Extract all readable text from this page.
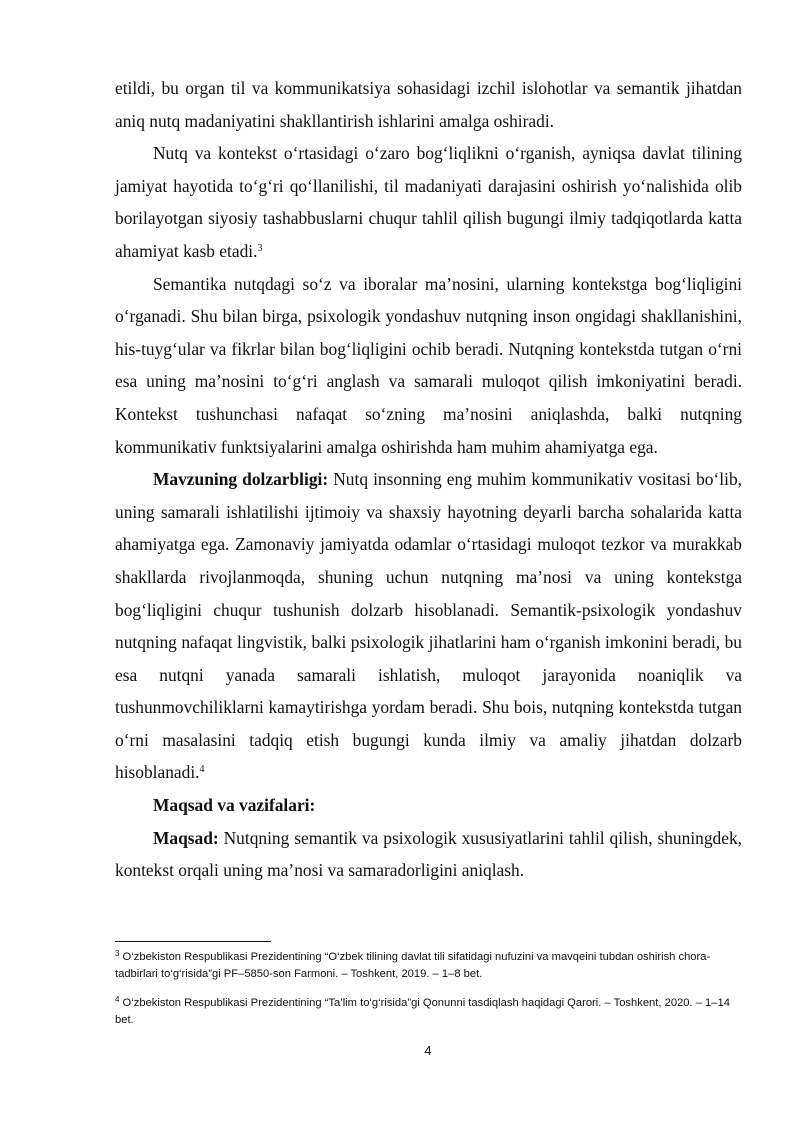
etildi, bu organ til va kommunikatsiya sohasidagi izchil islohotlar va semantik jihatdan aniq nutq madaniyatini shakllantirish ishlarini amalga oshiradi.

Nutq va kontekst o‘rtasidagi o‘zaro bog‘liqlikni o‘rganish, ayniqsa davlat tilining jamiyat hayotida to‘g‘ri qo‘llanilishi, til madaniyati darajasini oshirish yo‘nalishida olib borilayotgan siyosiy tashabbuslarni chuqur tahlil qilish bugungi ilmiy tadqiqotlarda katta ahamiyat kasb etadi.$^3$

Semantika nutqdagi so‘z va iboralar ma’nosini, ularning kontekstga bog‘liqligini o‘rganadi. Shu bilan birga, psixologik yondashuv nutqning inson ongidagi shakllanishini, his-tuyg‘ular va fikrlar bilan bog‘liqligini ochib beradi. Nutqning kontekstda tutgan o‘rni esa uning ma’nosini to‘g‘ri anglash va samarali muloqot qilish imkoniyatini beradi. Kontekst tushunchasi nafaqat so‘zning ma’nosini aniqlashda, balki nutqning kommunikativ funktsiyalarini amalga oshirishda ham muhim ahamiyatga ega.

Mavzuning dolzarbligi: Nutq insonning eng muhim kommunikativ vositasi bo‘lib, uning samarali ishlatilishi ijtimoiy va shaxsiy hayotning deyarli barcha sohalarida katta ahamiyatga ega. Zamonaviy jamiyatda odamlar o‘rtasidagi muloqot tezkor va murakkab shakllarda rivojlanmoqda, shuning uchun nutqning ma’nosi va uning kontekstga bog‘liqligini chuqur tushunish dolzarb hisoblanadi. Semantik-psixologik yondashuv nutqning nafaqat lingvistik, balki psixologik jihatlarini ham o‘rganish imkonini beradi, bu esa nutqni yanada samarali ishlatish, muloqot jarayonida noaniqlik va tushunmovchiliklarni kamaytirishga yordam beradi. Shu bois, nutqning kontekstda tutgan o‘rni masalasini tadqiq etish bugungi kunda ilmiy va amaliy jihatdan dolzarb hisoblanadi.$^4$

Maqsad va vazifalari:

Maqsad: Nutqning semantik va psixologik xususiyatlarini tahlil qilish, shuningdek, kontekst orqali uning ma’nosi va samaradorligini aniqlash.

$^3$ O‘zbekiston Respublikasi Prezidentining “O‘zbek tilining davlat tili sifatidagi nufuzini va mavqeini tubdan oshirish chora-tadbirlari to‘g‘risida”gi PF–5850-son Farmoni. – Toshkent, 2019. – 1–8 bet.

$^4$ O‘zbekiston Respublikasi Prezidentining “Ta’lim to‘g‘risida”gi Qonunni tasdiqlash haqidagi Qarori. – Toshkent, 2020. – 1–14 bet.

4
